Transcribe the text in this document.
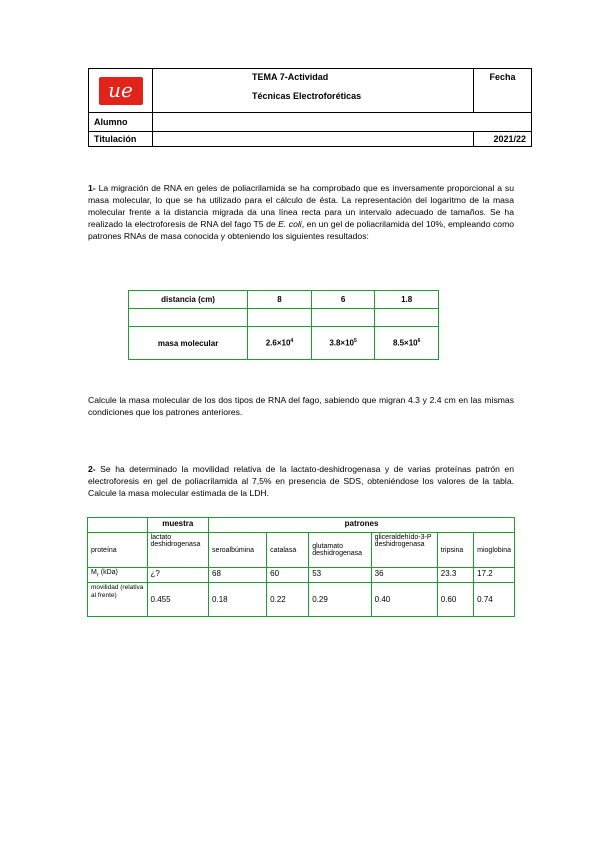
ue	TEMA 7-Actividad
Técnicas Electroforéticas	Fecha
Alumno		
Titulación		2021/22
1- La migración de RNA en geles de poliacrilamida se ha comprobado que es inversamente proporcional a su masa molecular, lo que se ha utilizado para el cálculo de ésta. La representación del logaritmo de la masa molecular frente a la distancia migrada da una línea recta para un intervalo adecuado de tamaños. Se ha realizado la electroforesis de RNA del fago T5 de E. coli, en un gel de poliacrilamida del 10%, empleando como patrones RNAs de masa conocida y obteniendo los siguientes resultados:
distancia (cm)	8	6	1.8

masa molecular	$2.6\times 10^4$	$3.8\times 10^5$	$8.5\times 10^6$
Calcule la masa molecular de los dos tipos de RNA del fago, sabiendo que migran 4.3 y 2.4 cm en las mismas condiciones que los patrones anteriores.
2- Se ha determinado la movilidad relativa de la lactato-deshidrogenasa y de varias proteínas patrón en electroforesis en gel de poliacrilamida al 7,5% en presencia de SDS, obteniéndose los valores de la tabla. Calcule la masa molecular estimada de la LDH.
	muestra	patrones					
proteína	lactato deshidrogenasa	seroalbúmina	catalasa	glutamato deshidrogenasa	gliceraldehído-3-P deshidrogenasa	tripsina	mioglobina
$M_r$ (kDa)	¿?	68	60	53	36	23.3	17.2
movilidad (relativa al frente)	0.455	0.18	0.22	0.29	0.40	0.60	0.74
